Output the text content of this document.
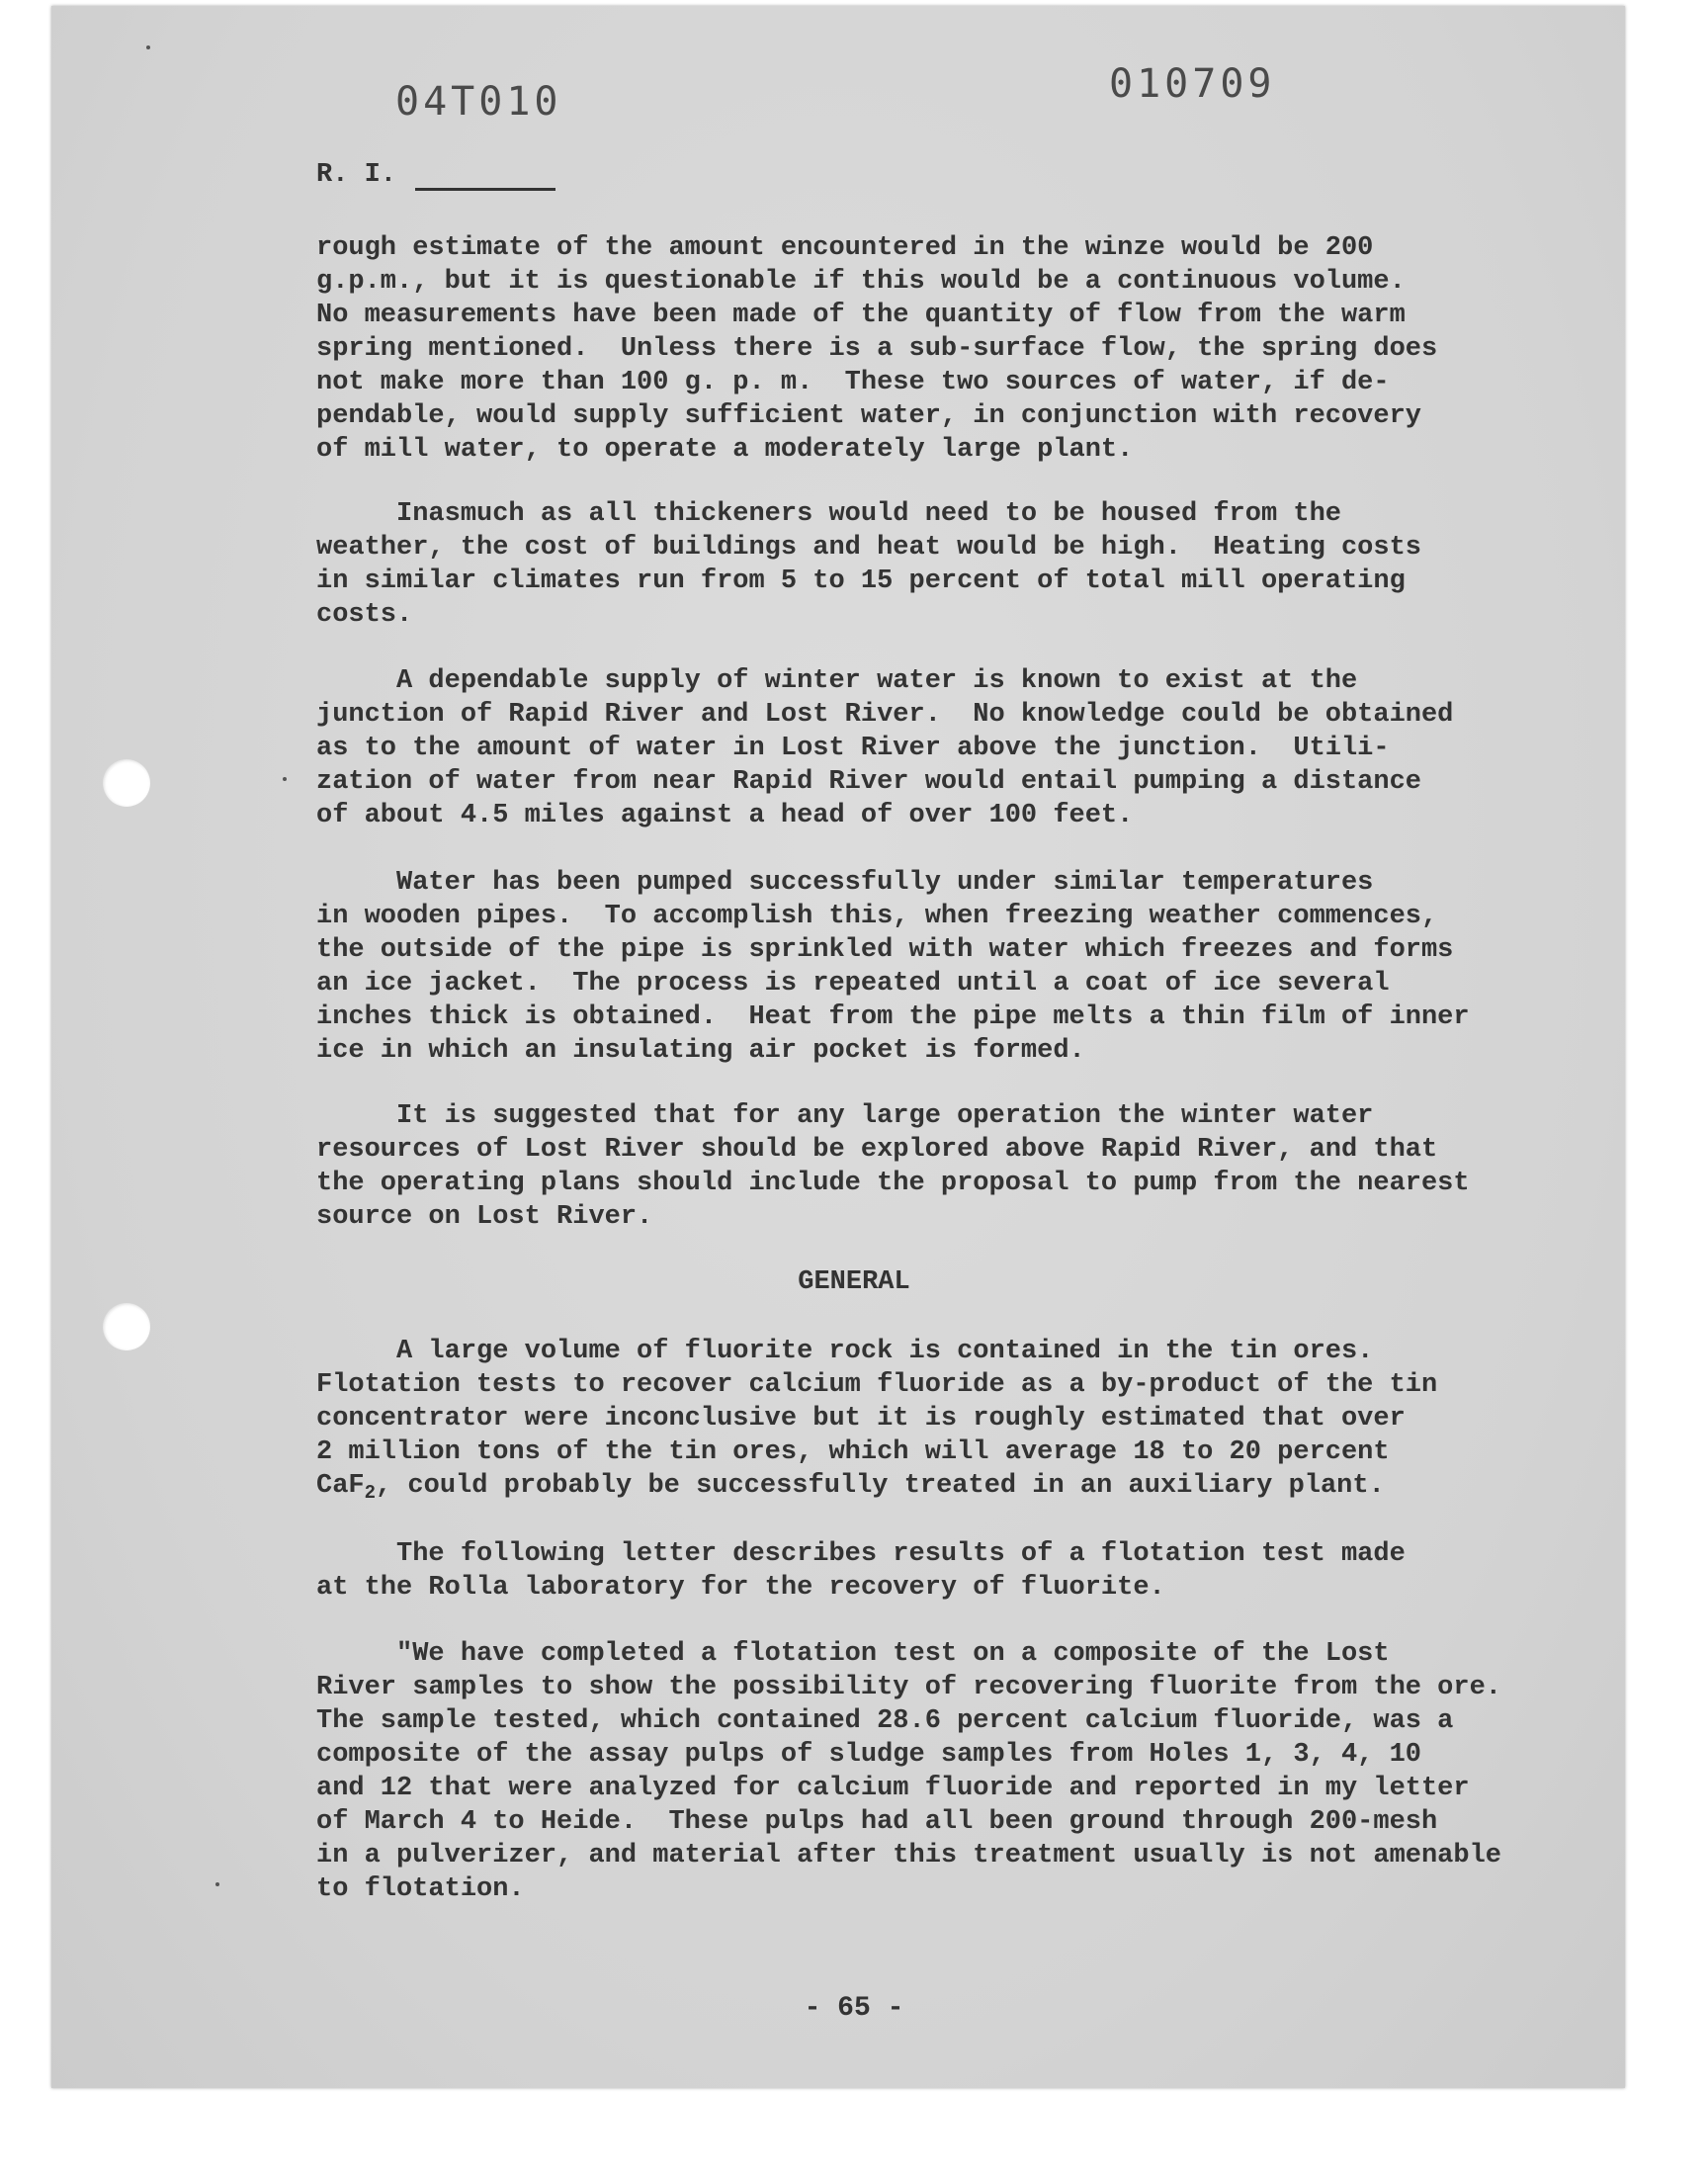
04T010	010709
R. I.
rough estimate of the amount encountered in the winze would be 200
g.p.m., but it is questionable if this would be a continuous volume.
No measurements have been made of the quantity of flow from the warm
spring mentioned.  Unless there is a sub-surface flow, the spring does
not make more than 100 g. p. m.  These two sources of water, if de-
pendable, would supply sufficient water, in conjunction with recovery
of mill water, to operate a moderately large plant.
Inasmuch as all thickeners would need to be housed from the
weather, the cost of buildings and heat would be high.  Heating costs
in similar climates run from 5 to 15 percent of total mill operating
costs.
A dependable supply of winter water is known to exist at the
junction of Rapid River and Lost River.  No knowledge could be obtained
as to the amount of water in Lost River above the junction.  Utili-
zation of water from near Rapid River would entail pumping a distance
of about 4.5 miles against a head of over 100 feet.
Water has been pumped successfully under similar temperatures
in wooden pipes.  To accomplish this, when freezing weather commences,
the outside of the pipe is sprinkled with water which freezes and forms
an ice jacket.  The process is repeated until a coat of ice several
inches thick is obtained.  Heat from the pipe melts a thin film of inner
ice in which an insulating air pocket is formed.
It is suggested that for any large operation the winter water
resources of Lost River should be explored above Rapid River, and that
the operating plans should include the proposal to pump from the nearest
source on Lost River.
GENERAL
A large volume of fluorite rock is contained in the tin ores.
Flotation tests to recover calcium fluoride as a by-product of the tin
concentrator were inconclusive but it is roughly estimated that over
2 million tons of the tin ores, which will average 18 to 20 percent
CaF$_2$, could probably be successfully treated in an auxiliary plant.
The following letter describes results of a flotation test made
at the Rolla laboratory for the recovery of fluorite.
"We have completed a flotation test on a composite of the Lost
River samples to show the possibility of recovering fluorite from the ore.
The sample tested, which contained 28.6 percent calcium fluoride, was a
composite of the assay pulps of sludge samples from Holes 1, 3, 4, 10
and 12 that were analyzed for calcium fluoride and reported in my letter
of March 4 to Heide.  These pulps had all been ground through 200-mesh
in a pulverizer, and material after this treatment usually is not amenable
to flotation.
- 65 -
